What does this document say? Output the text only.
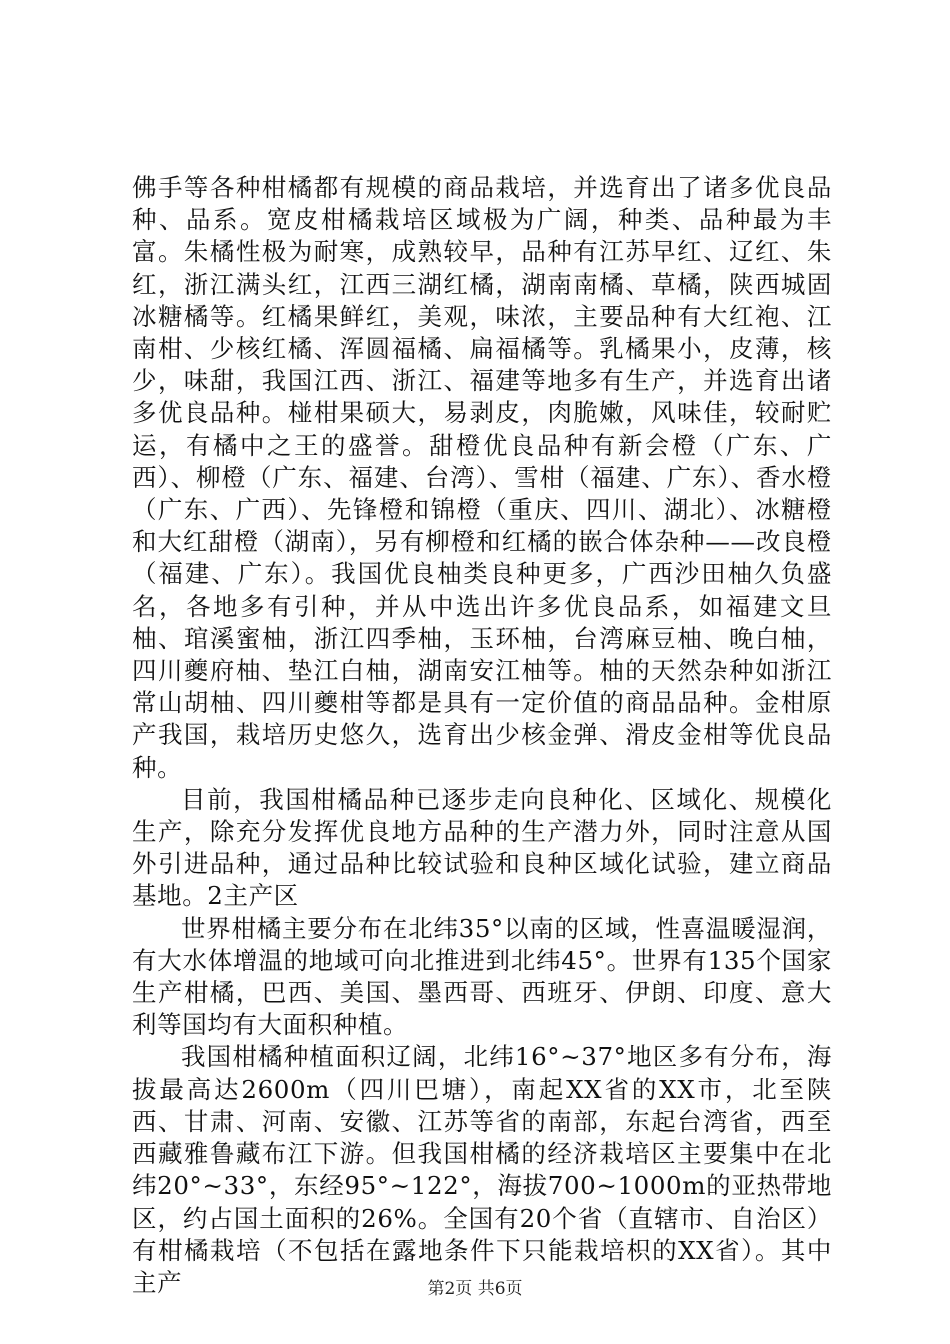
佛手等各种柑橘都有规模的商品栽培，并选育出了诸多优良品种、品系。宽皮柑橘栽培区域极为广阔，种类、品种最为丰富。朱橘性极为耐寒，成熟较早，品种有江苏早红、辽红、朱红，浙江满头红，江西三湖红橘，湖南南橘、草橘，陕西城固冰糖橘等。红橘果鲜红，美观，味浓，主要品种有大红袍、江南柑、少核红橘、浑圆福橘、扁福橘等。乳橘果小，皮薄，核少，味甜，我国江西、浙江、福建等地多有生产，并选育出诸多优良品种。椪柑果硕大，易剥皮，肉脆嫩，风味佳，较耐贮运，有橘中之王的盛誉。甜橙优良品种有新会橙（广东、广西）、柳橙（广东、福建、台湾）、雪柑（福建、广东）、香水橙（广东、广西）、先锋橙和锦橙（重庆、四川、湖北）、冰糖橙和大红甜橙（湖南），另有柳橙和红橘的嵌合体杂种——改良橙（福建、广东）。我国优良柚类良种更多，广西沙田柚久负盛名，各地多有引种，并从中选出许多优良品系，如福建文旦柚、琯溪蜜柚，浙江四季柚，玉环柚，台湾麻豆柚、晚白柚，四川夔府柚、垫江白柚，湖南安江柚等。柚的天然杂种如浙江常山胡柚、四川夔柑等都是具有一定价值的商品品种。金柑原产我国，栽培历史悠久，选育出少核金弹、滑皮金柑等优良品种。

目前，我国柑橘品种已逐步走向良种化、区域化、规模化生产，除充分发挥优良地方品种的生产潜力外，同时注意从国外引进品种，通过品种比较试验和良种区域化试验，建立商品基地。2主产区

世界柑橘主要分布在北纬35°以南的区域，性喜温暖湿润，有大水体增温的地域可向北推进到北纬45°。世界有135个国家生产柑橘，巴西、美国、墨西哥、西班牙、伊朗、印度、意大利等国均有大面积种植。

我国柑橘种植面积辽阔，北纬16°~37°地区多有分布，海拔最高达2600m（四川巴塘），南起XX省的XX市，北至陕西、甘肃、河南、安徽、江苏等省的南部，东起台湾省，西至西藏雅鲁藏布江下游。但我国柑橘的经济栽培区主要集中在北纬20°~33°，东经95°~122°，海拔700~1000m的亚热带地区，约占国土面积的26%。全国有20个省（直辖市、自治区）有柑橘栽培（不包括在露地条件下只能栽培枳的XX省）。其中主产	第2页 共6页
